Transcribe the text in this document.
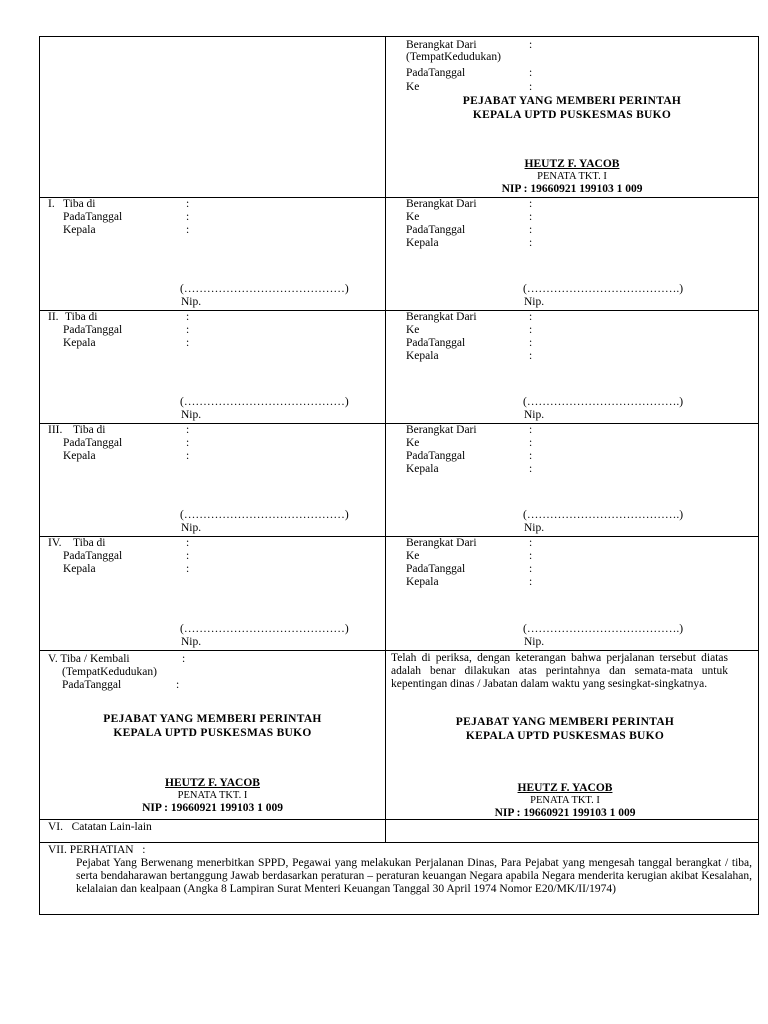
Berangkat Dari	:
(TempatKedudukan)
PadaTanggal	:
Ke	:
PEJABAT YANG MEMBERI PERINTAH
KEPALA UPTD PUSKESMAS BUKO
HEUTZ F. YACOB
PENATA TKT. I
NIP : 19660921 199103 1 009
I. Tiba di	:
PadaTanggal	:
Kepala	:
(……………………………………)
Nip.
Berangkat Dari	:
Ke	:
PadaTanggal	:
Kepala	:
(………………………………….)
Nip.
II. Tiba di	:
PadaTanggal	:
Kepala	:
(……………………………………)
Nip.
Berangkat Dari	:
Ke	:
PadaTanggal	:
Kepala	:
(………………………………….)
Nip.
III. Tiba di	:
PadaTanggal	:
Kepala	:
(……………………………………)
Nip.
Berangkat Dari	:
Ke	:
PadaTanggal	:
Kepala	:
(………………………………….)
Nip.
IV. Tiba di	:
PadaTanggal	:
Kepala	:
(……………………………………)
Nip.
Berangkat Dari	:
Ke	:
PadaTanggal	:
Kepala	:
(………………………………….)
Nip.
V. Tiba / Kembali	:
(TempatKedudukan)
PadaTanggal	:
PEJABAT YANG MEMBERI PERINTAH
KEPALA UPTD PUSKESMAS BUKO
HEUTZ F. YACOB
PENATA TKT. I
NIP : 19660921 199103 1 009
Telah di periksa, dengan keterangan bahwa perjalanan tersebut diatas adalah benar dilakukan atas perintahnya dan semata-mata untuk kepentingan dinas / Jabatan dalam waktu yang sesingkat-singkatnya.
PEJABAT YANG MEMBERI PERINTAH
KEPALA UPTD PUSKESMAS BUKO
HEUTZ F. YACOB
PENATA TKT. I
NIP : 19660921 199103 1 009
VI.   Catatan Lain-lain
VII. PERHATIAN   :
Pejabat Yang Berwenang menerbitkan SPPD, Pegawai yang melakukan Perjalanan Dinas, Para Pejabat yang mengesah tanggal berangkat / tiba, serta bendaharawan bertanggung Jawab berdasarkan peraturan – peraturan keuangan Negara apabila Negara menderita kerugian akibat Kesalahan, kelalaian dan kealpaan (Angka 8 Lampiran Surat Menteri Keuangan Tanggal 30 April 1974 Nomor E20/MK/II/1974)
